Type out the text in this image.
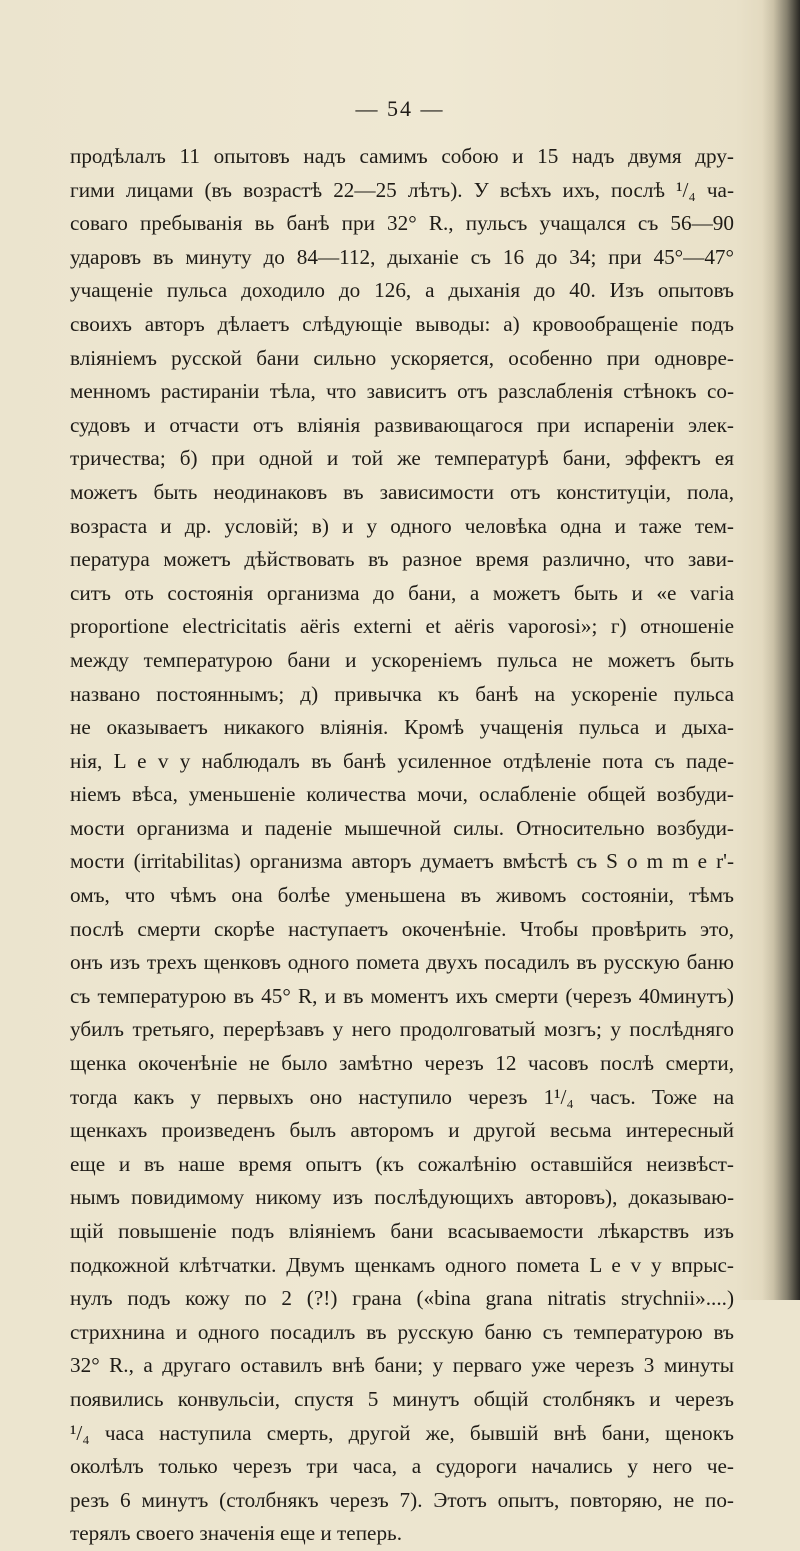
— 54 —
продѣлалъ 11 опытовъ надъ самимъ собою и 15 надъ двумя дру-
гими лицами (въ возрастѣ 22—25 лѣтъ). У всѣхъ ихъ, послѣ ¹/₄ ча-
соваго пребыванія вь банѣ при 32° R., пульсъ учащался съ 56—90
ударовъ въ минуту до 84—112, дыханіе съ 16 до 34; при 45°—47°
учащеніе пульса доходило до 126, а дыханія до 40. Изъ опытовъ
своихъ авторъ дѣлаетъ слѣдующіе выводы: а) кровообращеніе подъ
вліяніемъ русской бани сильно ускоряется, особенно при одновре-
меннoмъ растираніи тѣла, что зависитъ отъ разслабленія стѣнокъ со-
судовъ и отчасти отъ вліянія развивающагося при испареніи элек-
тричества; б) при одной и той же температурѣ бани, эффектъ ея
можетъ быть неодинаковъ въ зависимости отъ конституціи, пола,
возраста и др. условій; в) и у одного человѣка одна и таже тем-
пература можетъ дѣйствовать въ разное время различно, что зави-
ситъ оть состоянія организма до бани, а можетъ быть и «e vагіа
рrороrtіоnе еlесtrісitаtіs аёrіs ехtеrnі еt аёrіs vароrоsі»; г) отношеніе
между температурою бани и ускореніемъ пульса не можетъ быть
названо постояннымъ; д) привычка къ банѣ на ускореніе пульса
не оказываетъ никакого вліянія. Кромѣ учащенія пульса и дыха-
нія, L е v у наблюдалъ въ банѣ усиленное отдѣленіе пота съ паде-
ніемъ вѣса, уменьшеніе количества мочи, ослабленіе общей возбуди-
мости организма и паденіе мышечной силы. Относительно возбуди-
мости (irritabilitas) организма авторъ думаетъ вмѣстѣ съ S о m m е r'-
омъ, что чѣмъ она болѣе уменьшена въ живомъ состояніи, тѣмъ
послѣ смерти скорѣе наступаетъ окоченѣніе. Чтобы провѣрить это,
онъ изъ трехъ щенковъ одного помета двухъ посадилъ въ русскую баню
съ температурою въ 45° R, и въ моментъ ихъ смерти (черезъ 40минутъ)
убилъ третьяго, перерѣзавъ у него продолговатый мозгъ; у послѣдняго
щенка окоченѣніе не было замѣтно черезъ 12 часовъ послѣ смерти,
тогда какъ у первыхъ оно наступило черезъ 1¹/₄ часъ. Тоже на
щенкахъ произведенъ былъ авторомъ и другой весьма интересный
еще и въ наше время опытъ (къ сожалѣнію оставшійся неизвѣст-
нымъ повидимому никому изъ послѣдующихъ авторовъ), доказываю-
щій повышеніе подъ вліяніемъ бани всасываемости лѣкарствъ изъ
подкожной клѣтчатки. Двумъ щенкамъ одного помета L е v у впрыс-
нулъ подъ кожу по 2 (?!) грана («bina grana nitratis strychnii»....)
стрихнина и одного посадилъ въ русскую баню съ температурою въ
32° R., а другаго оставилъ внѣ бани; у перваго уже черезъ 3 минуты
появились конвульсіи, спустя 5 минутъ общій столбнякъ и черезъ
¹/₄ часа наступила смерть, другой же, бывшій внѣ бани, щенокъ
околѣлъ только черезъ три часа, а судороги начались у него че-
резъ 6 минутъ (столбнякъ черезъ 7). Этотъ опытъ, повторяю, не по-
терялъ своего значенія еще и теперь.
